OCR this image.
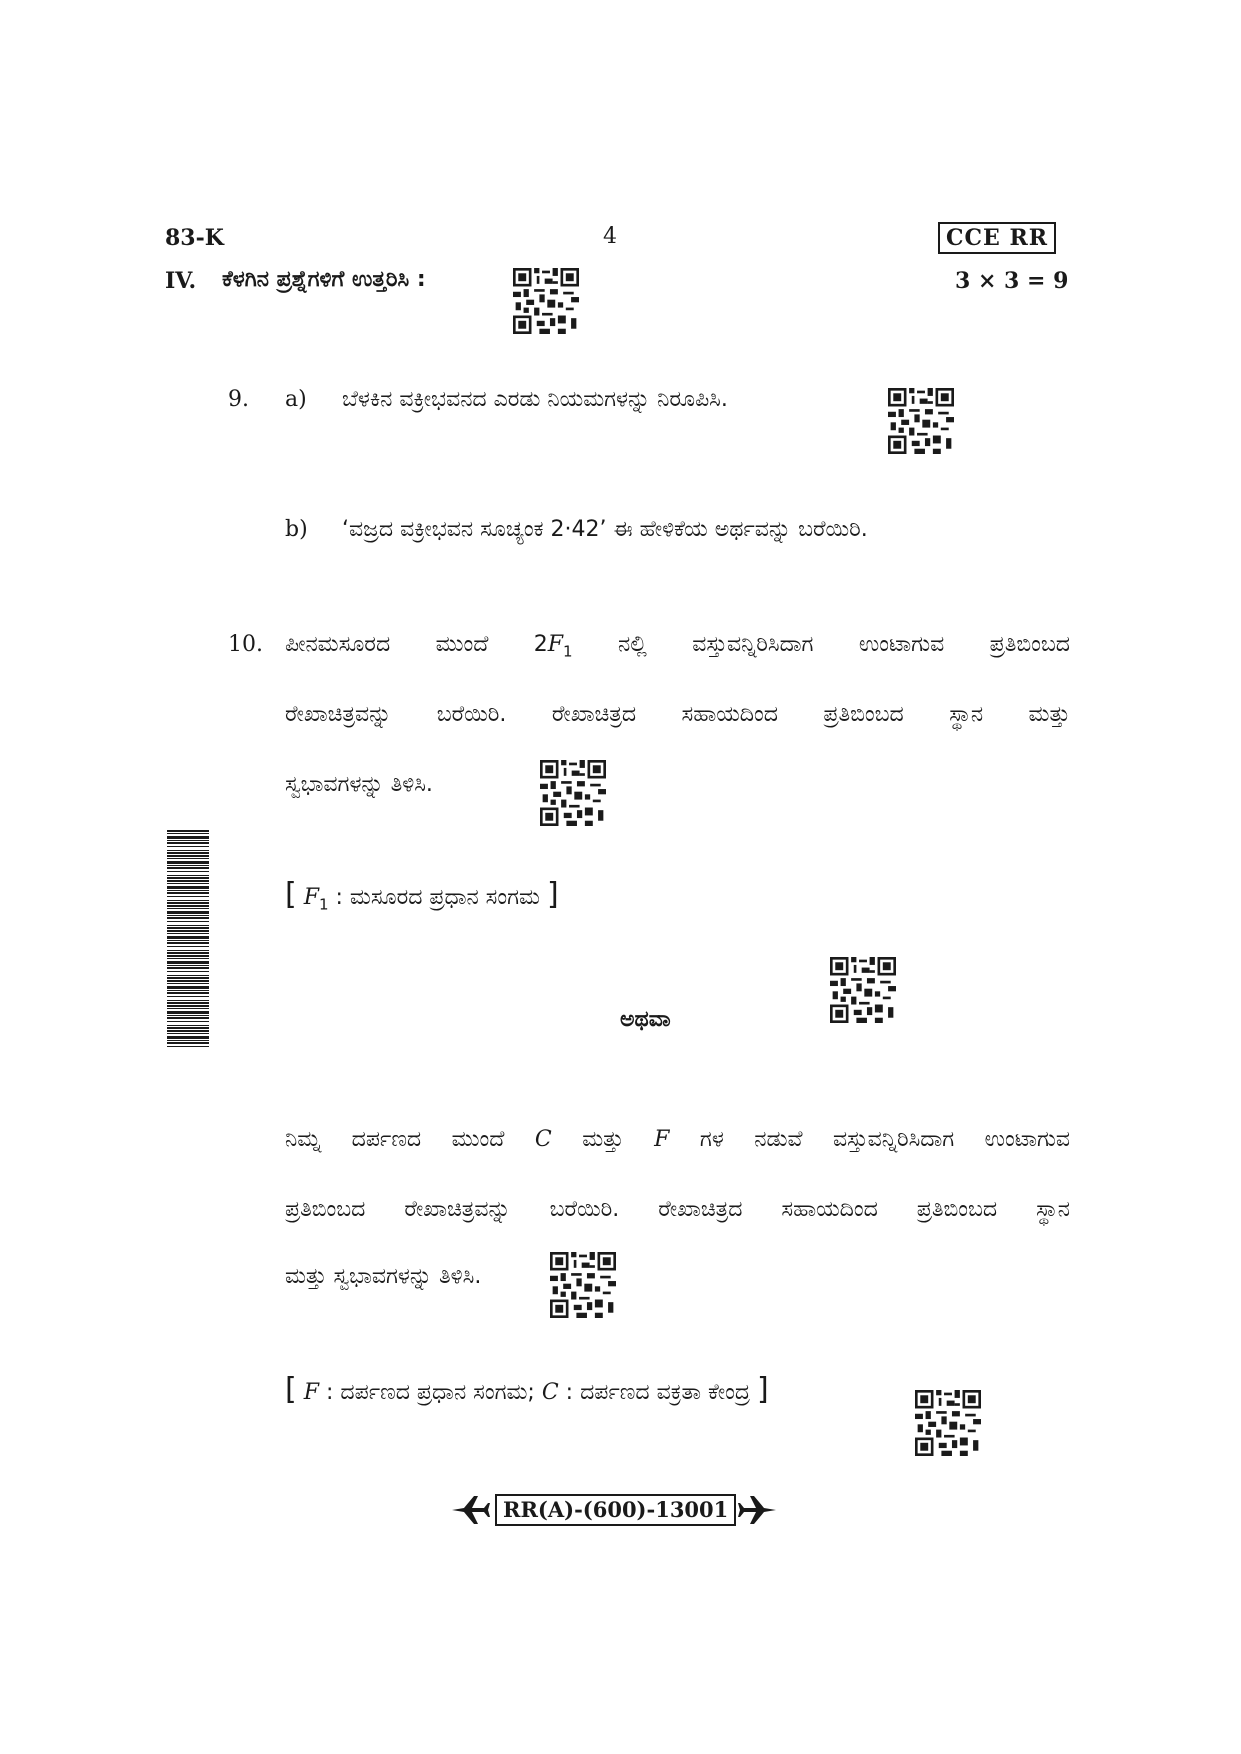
83-K	4	CCE RR
IV. ಕೆಳಗಿನ ಪ್ರಶ್ನೆಗಳಿಗೆ ಉತ್ತರಿಸಿ :	3 × 3 = 9
9. a) ಬೆಳಕಿನ ವಕ್ರೀಭವನದ ಎರಡು ನಿಯಮಗಳನ್ನು ನಿರೂಪಿಸಿ.
b) ‘ವಜ್ರದ ವಕ್ರೀಭವನ ಸೂಚ್ಯಂಕ 2·42’ ಈ ಹೇಳಿಕೆಯ ಅರ್ಥವನ್ನು ಬರೆಯಿರಿ.
10. ಪೀನಮಸೂರದ ಮುಂದೆ $2F_1$ ನಲ್ಲಿ ವಸ್ತುವನ್ನಿರಿಸಿದಾಗ ಉಂಟಾಗುವ ಪ್ರತಿಬಿಂಬದ
ರೇಖಾಚಿತ್ರವನ್ನು ಬರೆಯಿರಿ. ರೇಖಾಚಿತ್ರದ ಸಹಾಯದಿಂದ ಪ್ರತಿಬಿಂಬದ ಸ್ಥಾನ ಮತ್ತು
ಸ್ವಭಾವಗಳನ್ನು ತಿಳಿಸಿ.
[ $F_1$ : ಮಸೂರದ ಪ್ರಧಾನ ಸಂಗಮ ]
ಅಥವಾ
ನಿಮ್ನ ದರ್ಪಣದ ಮುಂದೆ C ಮತ್ತು F ಗಳ ನಡುವೆ ವಸ್ತುವನ್ನಿರಿಸಿದಾಗ ಉಂಟಾಗುವ
ಪ್ರತಿಬಿಂಬದ ರೇಖಾಚಿತ್ರವನ್ನು ಬರೆಯಿರಿ. ರೇಖಾಚಿತ್ರದ ಸಹಾಯದಿಂದ ಪ್ರತಿಬಿಂಬದ ಸ್ಥಾನ
ಮತ್ತು ಸ್ವಭಾವಗಳನ್ನು ತಿಳಿಸಿ.
[ F : ದರ್ಪಣದ ಪ್ರಧಾನ ಸಂಗಮ; C : ದರ್ಪಣದ ವಕ್ರತಾ ಕೇಂದ್ರ ]
RR(A)-(600)-13001
